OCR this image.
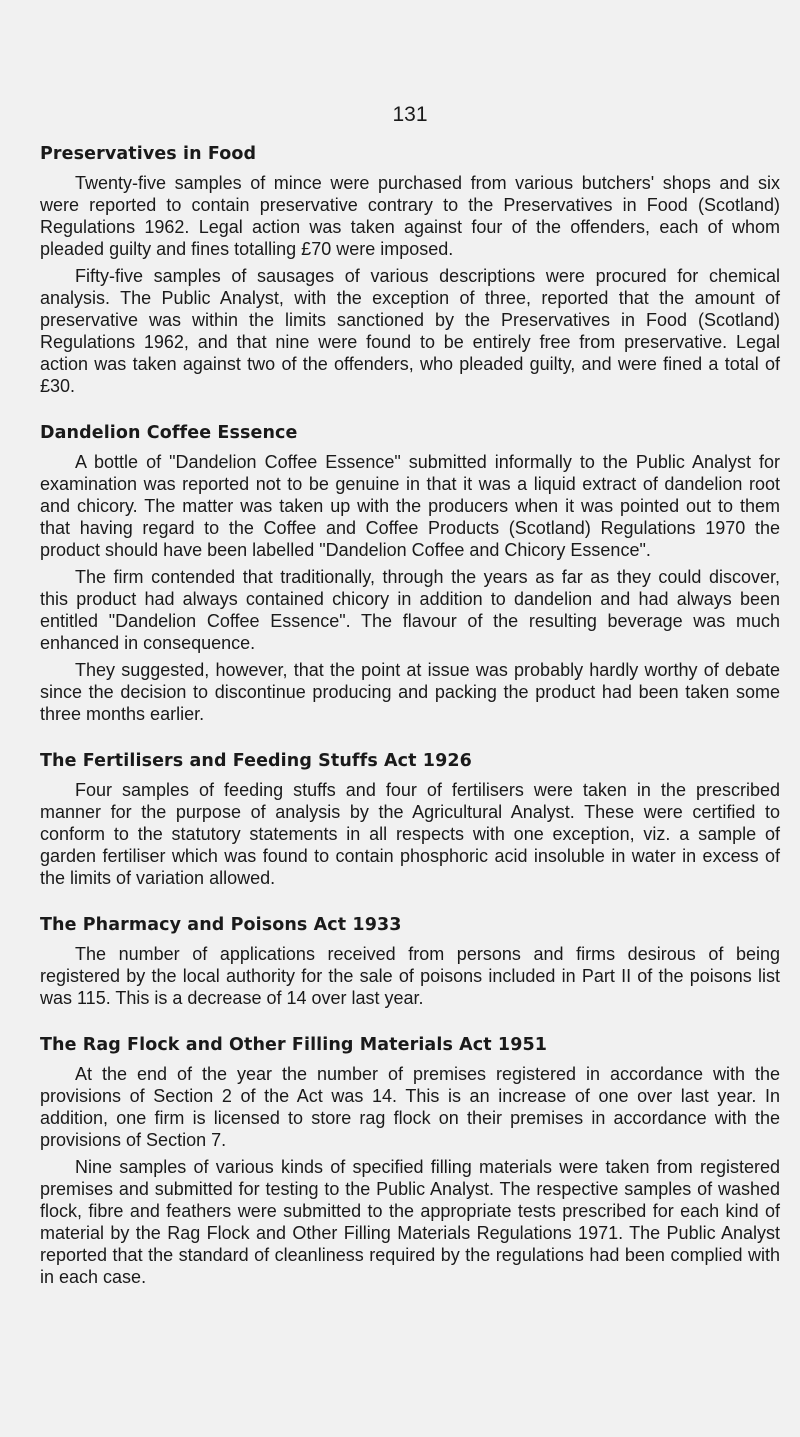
131
Preservatives in Food

Twenty-five samples of mince were purchased from various butchers' shops and six were reported to contain preservative contrary to the Preservatives in Food (Scotland) Regulations 1962. Legal action was taken against four of the offenders, each of whom pleaded guilty and fines totalling £70 were imposed.

Fifty-five samples of sausages of various descriptions were procured for chemical analysis. The Public Analyst, with the exception of three, reported that the amount of preservative was within the limits sanctioned by the Preservatives in Food (Scotland) Regulations 1962, and that nine were found to be entirely free from preservative. Legal action was taken against two of the offenders, who pleaded guilty, and were fined a total of £30.

Dandelion Coffee Essence

A bottle of "Dandelion Coffee Essence" submitted informally to the Public Analyst for examination was reported not to be genuine in that it was a liquid extract of dandelion root and chicory. The matter was taken up with the producers when it was pointed out to them that having regard to the Coffee and Coffee Products (Scotland) Regulations 1970 the product should have been labelled "Dandelion Coffee and Chicory Essence".

The firm contended that traditionally, through the years as far as they could discover, this product had always contained chicory in addition to dandelion and had always been entitled "Dandelion Coffee Essence". The flavour of the resulting beverage was much enhanced in consequence.

They suggested, however, that the point at issue was probably hardly worthy of debate since the decision to discontinue producing and packing the product had been taken some three months earlier.

The Fertilisers and Feeding Stuffs Act 1926

Four samples of feeding stuffs and four of fertilisers were taken in the prescribed manner for the purpose of analysis by the Agricultural Analyst. These were certified to conform to the statutory statements in all respects with one exception, viz. a sample of garden fertiliser which was found to contain phosphoric acid insoluble in water in excess of the limits of variation allowed.

The Pharmacy and Poisons Act 1933

The number of applications received from persons and firms desirous of being registered by the local authority for the sale of poisons included in Part II of the poisons list was 115. This is a decrease of 14 over last year.

The Rag Flock and Other Filling Materials Act 1951

At the end of the year the number of premises registered in accordance with the provisions of Section 2 of the Act was 14. This is an increase of one over last year. In addition, one firm is licensed to store rag flock on their premises in accordance with the provisions of Section 7.

Nine samples of various kinds of specified filling materials were taken from registered premises and submitted for testing to the Public Analyst. The respective samples of washed flock, fibre and feathers were submitted to the appropriate tests prescribed for each kind of material by the Rag Flock and Other Filling Materials Regulations 1971. The Public Analyst reported that the standard of cleanliness required by the regulations had been complied with in each case.
